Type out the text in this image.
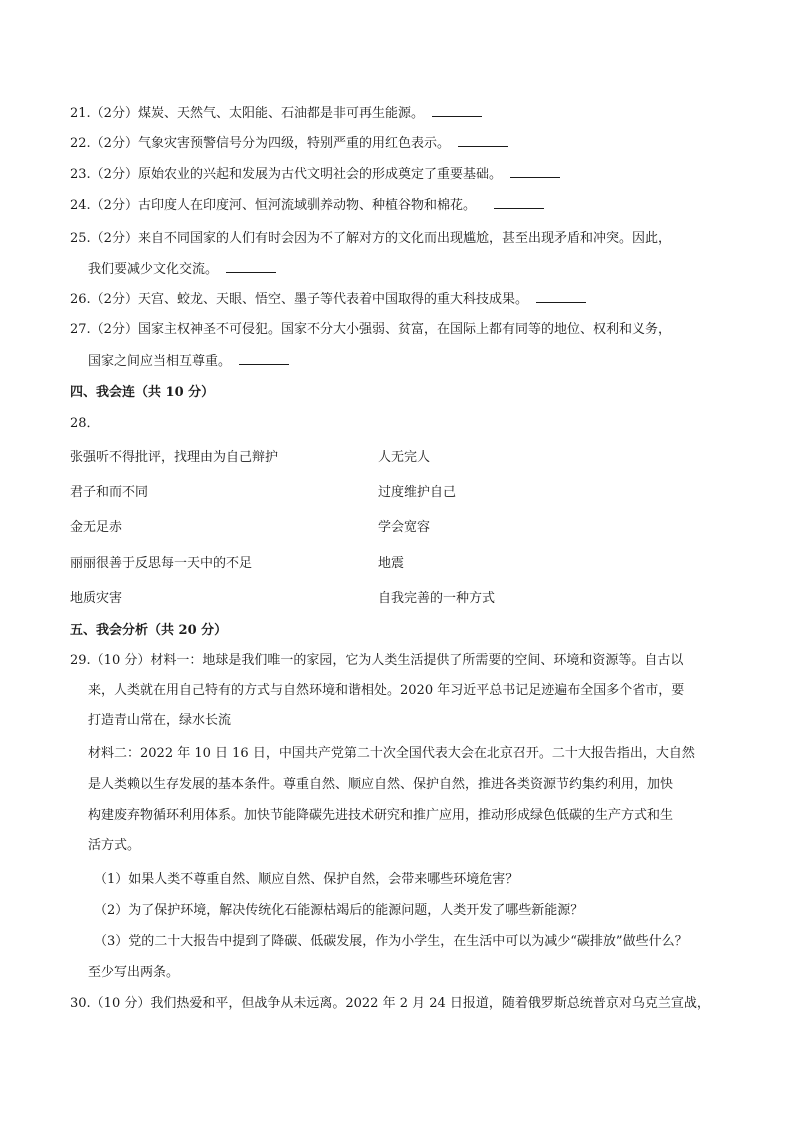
21.（2分）煤炭、天然气、太阳能、石油都是非可再生能源。
22.（2分）气象灾害预警信号分为四级，特别严重的用红色表示。
23.（2分）原始农业的兴起和发展为古代文明社会的形成奠定了重要基础。
24.（2分）古印度人在印度河、恒河流域驯养动物、种植谷物和棉花。
25.（2分）来自不同国家的人们有时会因为不了解对方的文化而出现尴尬，甚至出现矛盾和冲突。因此，
我们要减少文化交流。
26.（2分）天宫、蛟龙、天眼、悟空、墨子等代表着中国取得的重大科技成果。
27.（2分）国家主权神圣不可侵犯。国家不分大小强弱、贫富，在国际上都有同等的地位、权利和义务，
国家之间应当相互尊重。
四、我会连（共 10 分）
28．
张强听不得批评，找理由为自己辩护	人无完人
君子和而不同	过度维护自己
金无足赤	学会宽容
丽丽很善于反思每一天中的不足	地震
地质灾害	自我完善的一种方式
五、我会分析（共 20 分）
29.（10 分）材料一：地球是我们唯一的家园，它为人类生活提供了所需要的空间、环境和资源等。自古以
来，人类就在用自己特有的方式与自然环境和谐相处。2020 年习近平总书记足迹遍布全国多个省市，要
打造青山常在，绿水长流
材料二：2022 年 10 日 16 日，中国共产党第二十次全国代表大会在北京召开。二十大报告指出，大自然
是人类赖以生存发展的基本条件。尊重自然、顺应自然、保护自然，推进各类资源节约集约利用，加快
构建废弃物循环利用体系。加快节能降碳先进技术研究和推广应用，推动形成绿色低碳的生产方式和生
活方式。
（1）如果人类不尊重自然、顺应自然、保护自然，会带来哪些环境危害？
（2）为了保护环境，解决传统化石能源枯竭后的能源问题，人类开发了哪些新能源？
（3）党的二十大报告中提到了降碳、低碳发展，作为小学生，在生活中可以为减少“碳排放”做些什么？
至少写出两条。
30.（10 分）我们热爱和平，但战争从未远离。2022 年 2 月 24 日报道，随着俄罗斯总统普京对乌克兰宣战，
